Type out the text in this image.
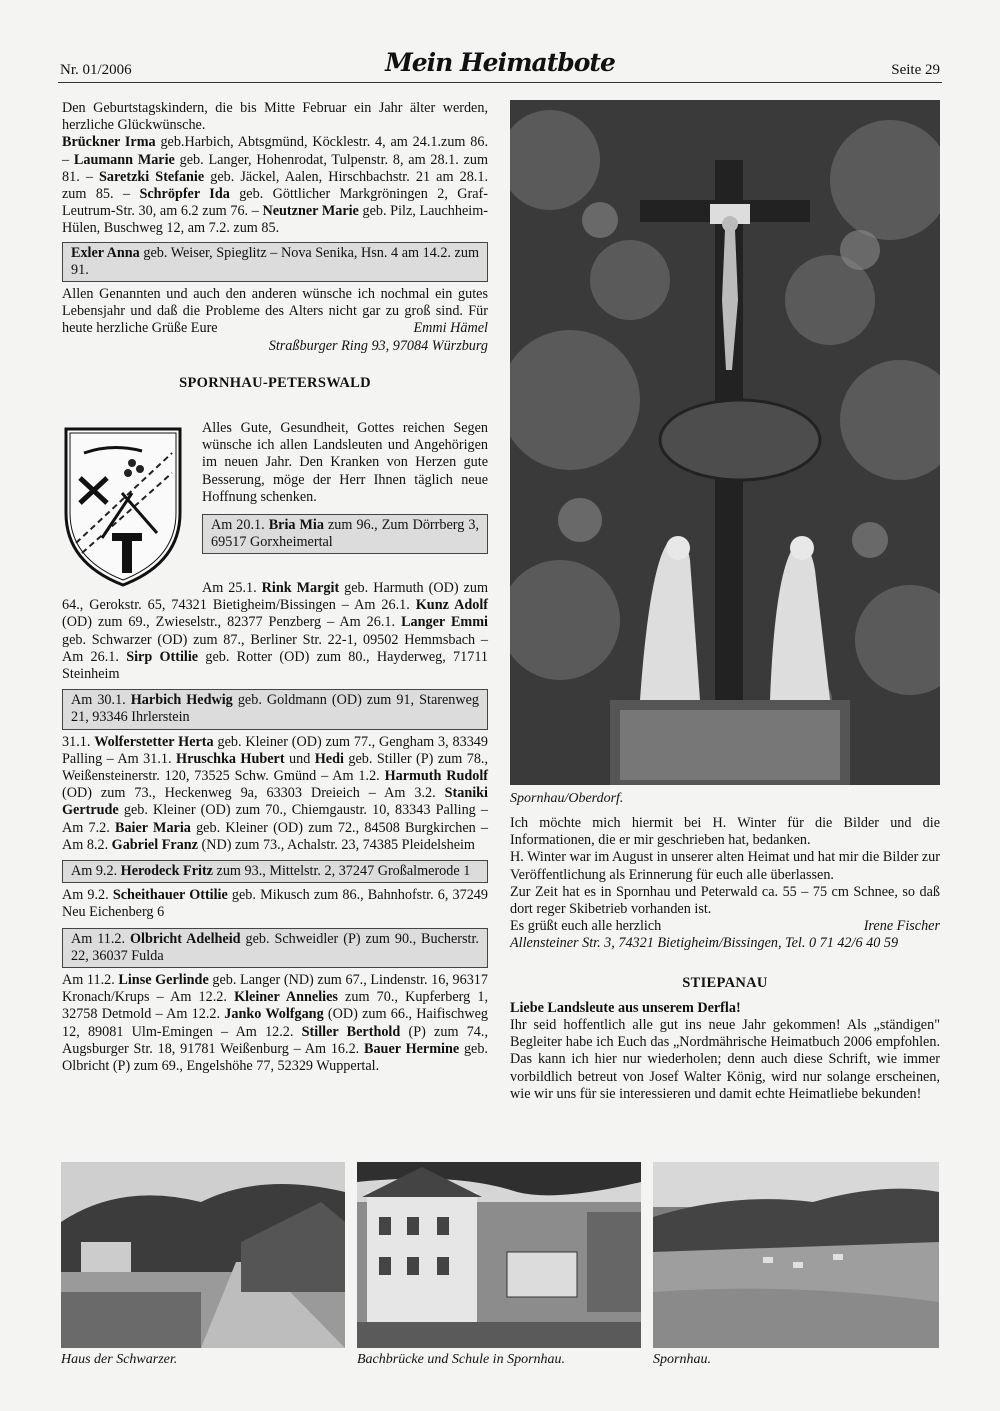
Nr. 01/2006	Mein Heimatbote	Seite 29

Den Geburtstagskindern, die bis Mitte Februar ein Jahr älter werden, herzliche Glückwünsche.

Brückner Irma geb.Harbich, Abtsgmünd, Köcklestr. 4, am 24.1.zum 86. – Laumann Marie geb. Langer, Hohenrodat, Tulpenstr. 8, am 28.1. zum 81. – Saretzki Stefanie geb. Jäckel, Aalen, Hirschbachstr. 21 am 28.1. zum 85. – Schröpfer Ida geb. Göttlicher Markgröningen 2, Graf-Leutrum-Str. 30, am 6.2 zum 76. – Neutzner Marie geb. Pilz, Lauchheim-Hülen, Buschweg 12, am 7.2. zum 85.

Exler Anna geb. Weiser, Spieglitz – Nova Senika, Hsn. 4 am 14.2. zum 91.

Allen Genannten und auch den anderen wünsche ich nochmal ein gutes Lebensjahr und daß die Probleme des Alters nicht gar zu groß sind. Für heute herzliche Grüße Eure	Emmi Hämel

Straßburger Ring 93, 97084 Würzburg

SPORNHAU-PETERSWALD

Alles Gute, Gesundheit, Gottes reichen Segen wünsche ich allen Landsleuten und Angehörigen im neuen Jahr. Den Kranken von Herzen gute Besserung, möge der Herr Ihnen täglich neue Hoffnung schenken.

Am 20.1. Bria Mia zum 96., Zum Dörrberg 3, 69517 Gorxheimertal

Am 25.1. Rink Margit geb. Harmuth (OD) zum 64., Gerokstr. 65, 74321 Bietigheim/Bissingen – Am 26.1. Kunz Adolf (OD) zum 69., Zwieselstr., 82377 Penzberg – Am 26.1. Langer Emmi geb. Schwarzer (OD) zum 87., Berliner Str. 22-1, 09502 Hemmsbach – Am 26.1. Sirp Ottilie geb. Rotter (OD) zum 80., Hayderweg, 71711 Steinheim

Am 30.1. Harbich Hedwig geb. Goldmann (OD) zum 91, Starenweg 21, 93346 Ihrlerstein

31.1. Wolferstetter Herta geb. Kleiner (OD) zum 77., Gengham 3, 83349 Palling – Am 31.1. Hruschka Hubert und Hedi geb. Stiller (P) zum 78., Weißensteinerstr. 120, 73525 Schw. Gmünd – Am 1.2. Harmuth Rudolf (OD) zum 73., Heckenweg 9a, 63303 Dreieich – Am 3.2. Staniki Gertrude geb. Kleiner (OD) zum 70., Chiemgaustr. 10, 83343 Palling – Am 7.2. Baier Maria geb. Kleiner (OD) zum 72., 84508 Burgkirchen – Am 8.2. Gabriel Franz (ND) zum 73., Achalstr. 23, 74385 Pleidelsheim

Am 9.2. Herodeck Fritz zum 93., Mittelstr. 2, 37247 Großalmerode 1

Am 9.2. Scheithauer Ottilie geb. Mikusch zum 86., Bahnhofstr. 6, 37249 Neu Eichenberg 6

Am 11.2. Olbricht Adelheid geb. Schweidler (P) zum 90., Bucherstr. 22, 36037 Fulda

Am 11.2. Linse Gerlinde geb. Langer (ND) zum 67., Lindenstr. 16, 96317 Kronach/Krups – Am 12.2. Kleiner Annelies zum 70., Kupferberg 1, 32758 Detmold – Am 12.2. Janko Wolfgang (OD) zum 66., Haifischweg 12, 89081 Ulm-Emingen – Am 12.2. Stiller Berthold (P) zum 74., Augsburger Str. 18, 91781 Weißenburg – Am 16.2. Bauer Hermine geb. Olbricht (P) zum 69., Engelshöhe 77, 52329 Wuppertal.

Spornhau/Oberdorf.

Ich möchte mich hiermit bei H. Winter für die Bilder und die Informationen, die er mir geschrieben hat, bedanken.

H. Winter war im August in unserer alten Heimat und hat mir die Bilder zur Veröffentlichung als Erinnerung für euch alle überlassen.

Zur Zeit hat es in Spornhau und Peterwald ca. 55 – 75 cm Schnee, so daß dort reger Skibetrieb vorhanden ist.

Es grüßt euch alle herzlich	Irene Fischer

Allensteiner Str. 3, 74321 Bietigheim/Bissingen, Tel. 0 71 42/6 40 59

STIEPANAU

Liebe Landsleute aus unserem Derfla!

Ihr seid hoffentlich alle gut ins neue Jahr gekommen! Als „ständigen" Begleiter habe ich Euch das „Nordmährische Heimatbuch 2006 empfohlen. Das kann ich hier nur wiederholen; denn auch diese Schrift, wie immer vorbildlich betreut von Josef Walter König, wird nur solange erscheinen, wie wir uns für sie interessieren und damit echte Heimatliebe bekunden!

Haus der Schwarzer.	Bachbrücke und Schule in Spornhau.	Spornhau.
